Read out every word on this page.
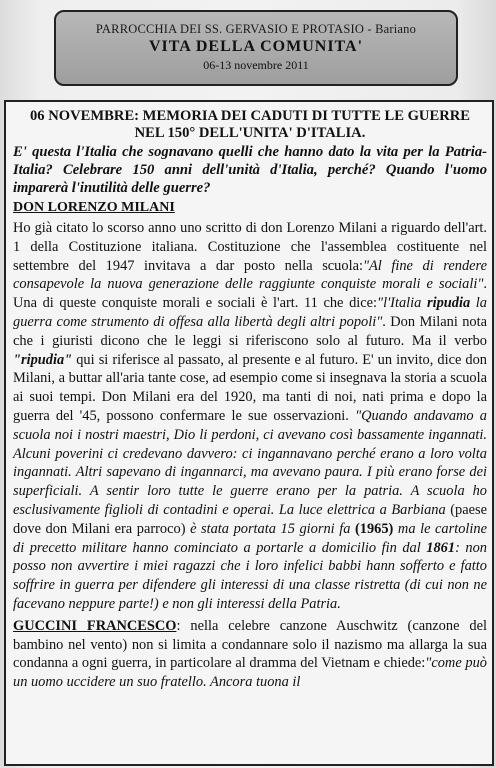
PARROCCHIA DEI SS. GERVASIO E PROTASIO - Bariano
VITA DELLA COMUNITA'
06-13 novembre 2011
06 NOVEMBRE: MEMORIA DEI CADUTI DI TUTTE LE GUERRE
NEL 150° DELL'UNITA' D'ITALIA.
E' questa l'Italia che sognavano quelli che hanno dato la vita per la Patria-Italia? Celebrare 150 anni dell'unità d'Italia, perché? Quando l'uomo imparerà l'inutilità delle guerre?
DON LORENZO MILANI
Ho già citato lo scorso anno uno scritto di don Lorenzo Milani a riguardo dell'art. 1 della Costituzione italiana. Costituzione che l'assemblea costituente nel settembre del 1947 invitava a dar posto nella scuola:"Al fine di rendere consapevole la nuova generazione delle raggiunte conquiste morali e sociali". Una di queste conquiste morali e sociali è l'art. 11 che dice:"l'Italia ripudia la guerra come strumento di offesa alla libertà degli altri popoli". Don Milani nota che i giuristi dicono che le leggi si riferiscono solo al futuro. Ma il verbo "ripudia" qui si riferisce al passato, al presente e al futuro. E' un invito, dice don Milani, a buttar all'aria tante cose, ad esempio come si insegnava la storia a scuola ai suoi tempi. Don Milani era del 1920, ma tanti di noi, nati prima e dopo la guerra del '45, possono confermare le sue osservazioni. "Quando andavamo a scuola noi i nostri maestri, Dio li perdoni, ci avevano così bassamente ingannati. Alcuni poverini ci credevano davvero: ci ingannavano perché erano a loro volta ingannati. Altri sapevano di ingannarci, ma avevano paura. I più erano forse dei superficiali. A sentir loro tutte le guerre erano per la patria. A scuola ho esclusivamente figlioli di contadini e operai. La luce elettrica a Barbiana (paese dove don Milani era parroco) è stata portata 15 giorni fa (1965) ma le cartoline di precetto militare hanno cominciato a portarle a domicilio fin dal 1861: non posso non avvertire i miei ragazzi che i loro infelici babbi hann sofferto e fatto soffrire in guerra per difendere gli interessi di una classe ristretta (di cui non ne facevano neppure parte!) e non gli interessi della Patria.
GUCCINI FRANCESCO: nella celebre canzone Auschwitz (canzone del bambino nel vento) non si limita a condannare solo il nazismo ma allarga la sua condanna a ogni guerra, in particolare al dramma del Vietnam e chiede:"come può un uomo uccidere un suo fratello. Ancora tuona il
